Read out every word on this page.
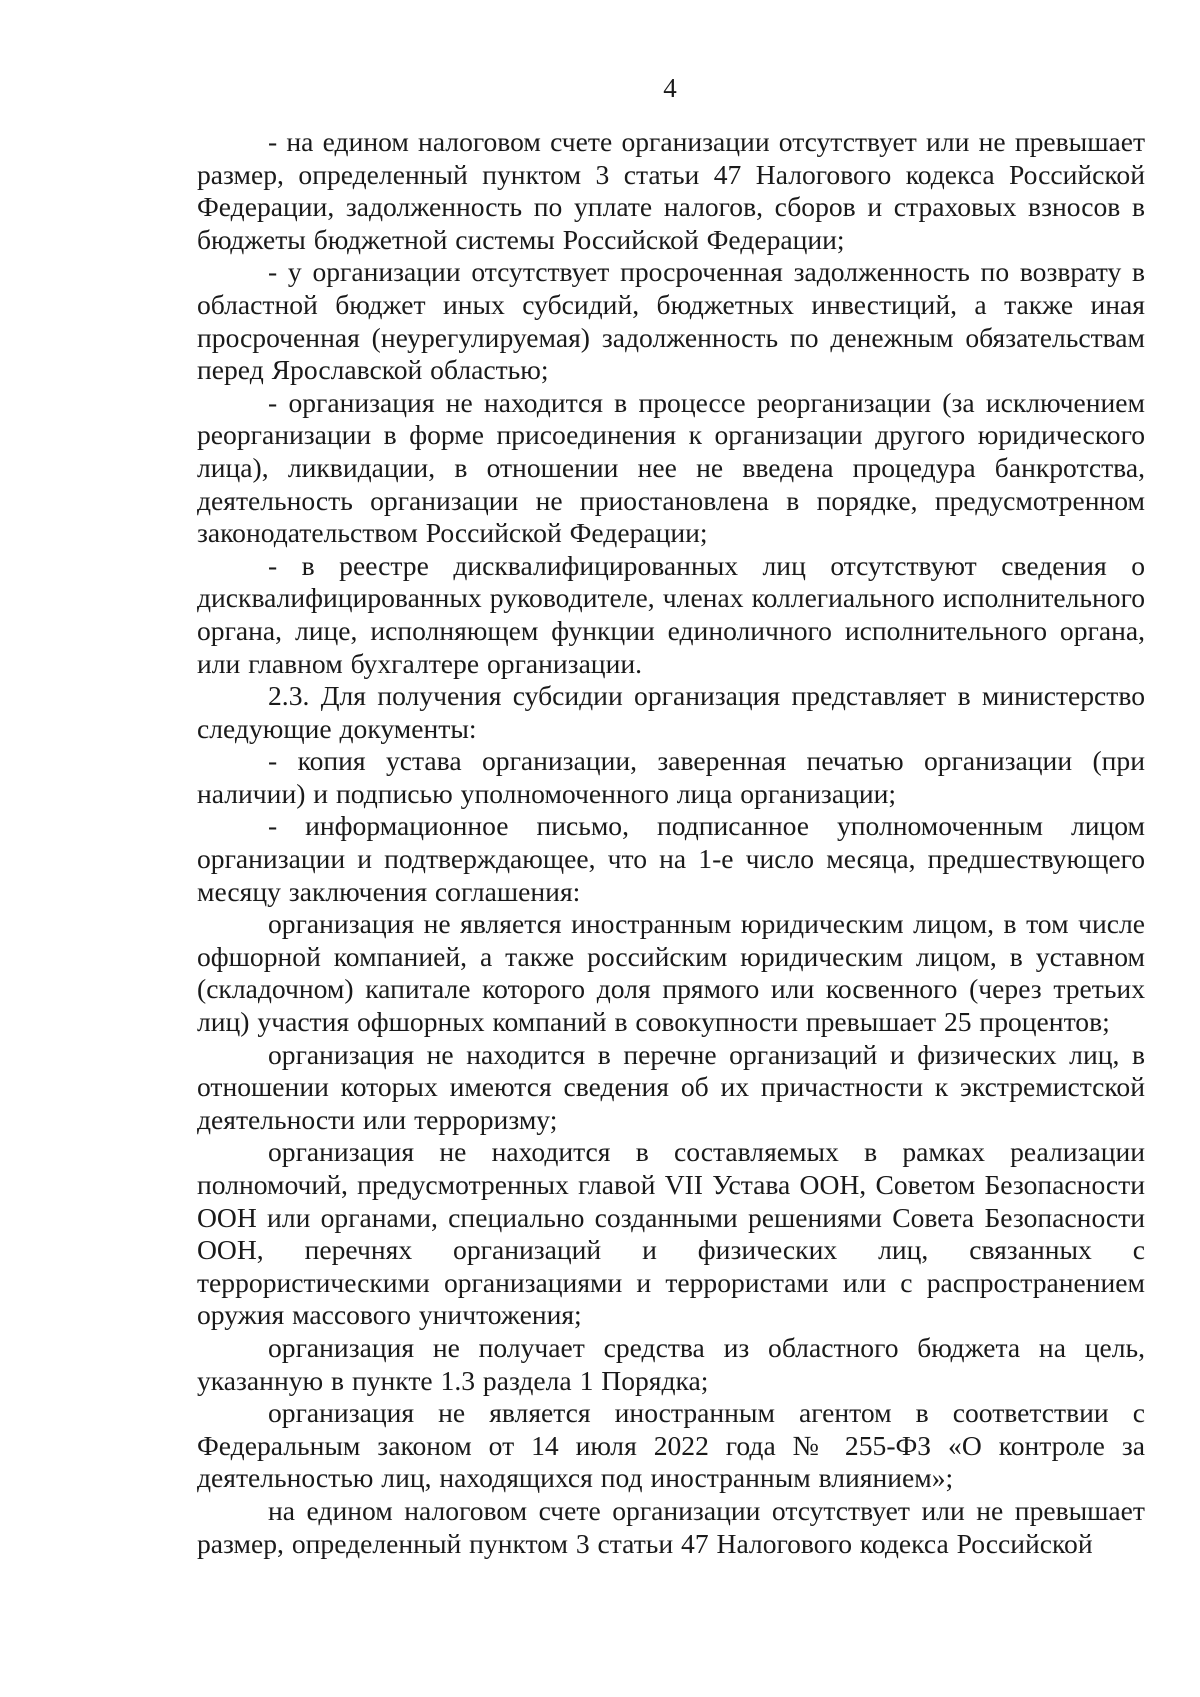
4

- на едином налоговом счете организации отсутствует или не превышает размер, определенный пунктом 3 статьи 47 Налогового кодекса Российской Федерации, задолженность по уплате налогов, сборов и страховых взносов в бюджеты бюджетной системы Российской Федерации;

- у организации отсутствует просроченная задолженность по возврату в областной бюджет иных субсидий, бюджетных инвестиций, а также иная просроченная (неурегулируемая) задолженность по денежным обязательствам перед Ярославской областью;

- организация не находится в процессе реорганизации (за исключением реорганизации в форме присоединения к организации другого юридического лица), ликвидации, в отношении нее не введена процедура банкротства, деятельность организации не приостановлена в порядке, предусмотренном законодательством Российской Федерации;

- в реестре дисквалифицированных лиц отсутствуют сведения о дисквалифицированных руководителе, членах коллегиального исполнительного органа, лице, исполняющем функции единоличного исполнительного органа, или главном бухгалтере организации.

2.3. Для получения субсидии организация представляет в министерство следующие документы:

- копия устава организации, заверенная печатью организации (при наличии) и подписью уполномоченного лица организации;

- информационное письмо, подписанное уполномоченным лицом организации и подтверждающее, что на 1-е число месяца, предшествующего месяцу заключения соглашения:

организация не является иностранным юридическим лицом, в том числе офшорной компанией, а также российским юридическим лицом, в уставном (складочном) капитале которого доля прямого или косвенного (через третьих лиц) участия офшорных компаний в совокупности превышает 25 процентов;

организация не находится в перечне организаций и физических лиц, в отношении которых имеются сведения об их причастности к экстремистской деятельности или терроризму;

организация не находится в составляемых в рамках реализации полномочий, предусмотренных главой VII Устава ООН, Советом Безопасности ООН или органами, специально созданными решениями Совета Безопасности ООН, перечнях организаций и физических лиц, связанных с террористическими организациями и террористами или с распространением оружия массового уничтожения;

организация не получает средства из областного бюджета на цель, указанную в пункте 1.3 раздела 1 Порядка;

организация не является иностранным агентом в соответствии с Федеральным законом от 14 июля 2022 года № 255-ФЗ «О контроле за деятельностью лиц, находящихся под иностранным влиянием»;

на едином налоговом счете организации отсутствует или не превышает размер, определенный пунктом 3 статьи 47 Налогового кодекса Российской
